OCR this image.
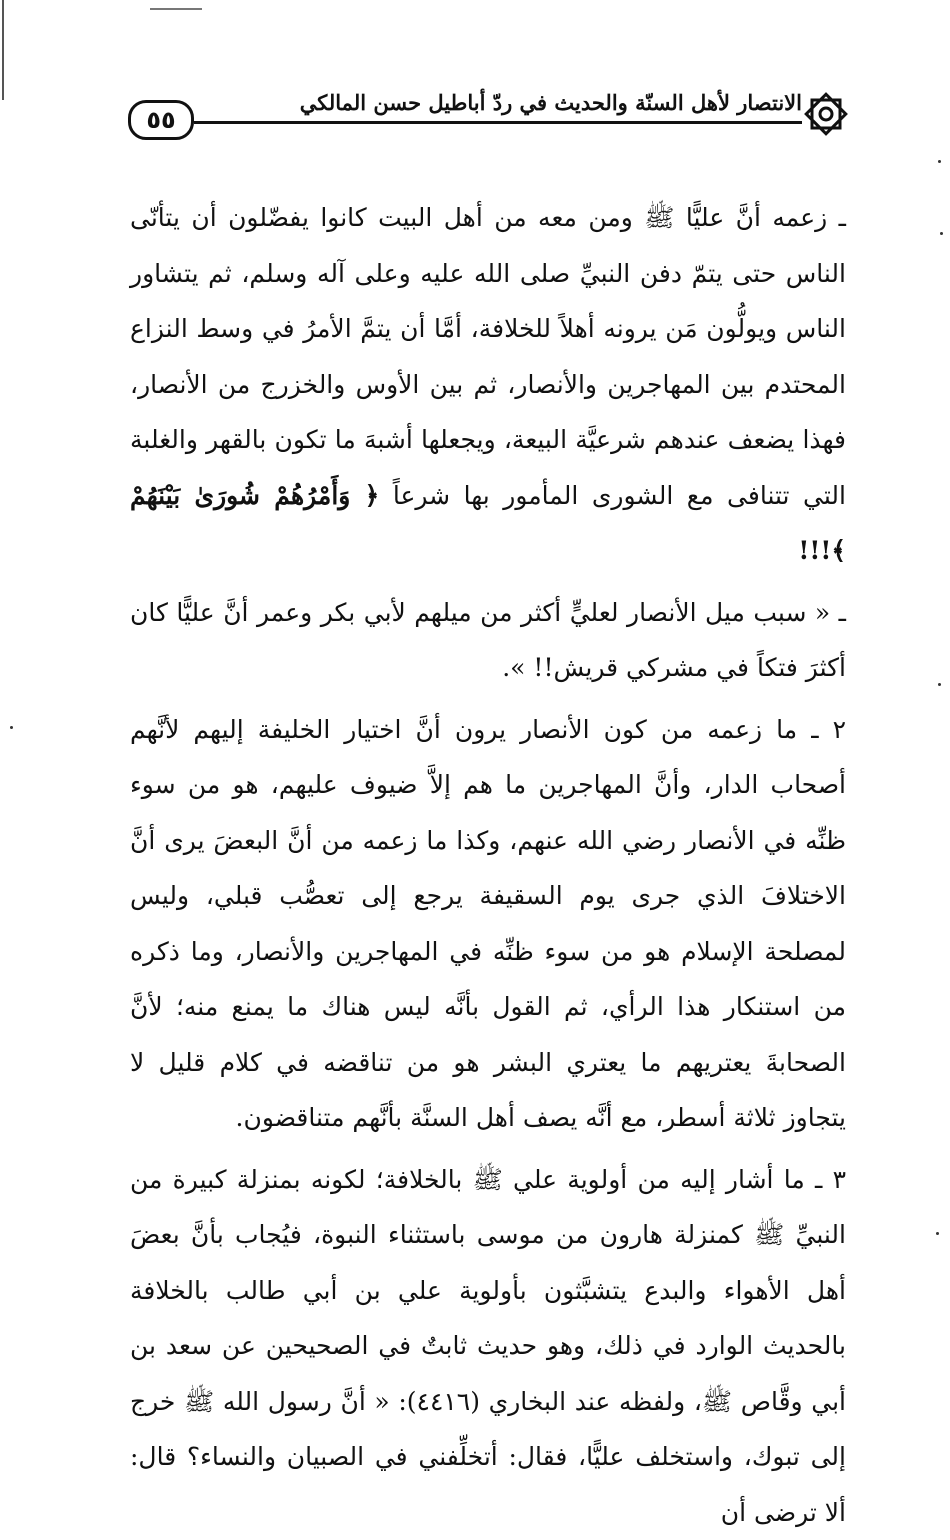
٥٥
الانتصار لأهل السنّة والحديث في ردّ أباطيل حسن المالكي

ـ زعمه أنَّ عليًّا ﷺ ومن معه من أهل البيت كانوا يفضّلون أن يتأنّى الناس حتى يتمّ دفن النبيِّ صلى الله عليه وعلى آله وسلم، ثم يتشاور الناس ويولُّون مَن يرونه أهلاً للخلافة، أمَّا أن يتمَّ الأمرُ في وسط النزاع المحتدم بين المهاجرين والأنصار، ثم بين الأوس والخزرج من الأنصار، فهذا يضعف عندهم شرعيَّة البيعة، ويجعلها أشبهَ ما تكون بالقهر والغلبة التي تتنافى مع الشورى المأمور بها شرعاً ﴿ وَأَمْرُهُمْ شُورَىٰ بَيْنَهُمْ ﴾!!!

ـ « سبب ميل الأنصار لعليٍّ أكثر من ميلهم لأبي بكر وعمر أنَّ عليًّا كان أكثرَ فتكاً في مشركي قريش!! ».

٢ ـ ما زعمه من كون الأنصار يرون أنَّ اختيار الخليفة إليهم لأنَّهم أصحاب الدار، وأنَّ المهاجرين ما هم إلاَّ ضيوف عليهم، هو من سوء ظنِّه في الأنصار رضي الله عنهم، وكذا ما زعمه من أنَّ البعضَ يرى أنَّ الاختلافَ الذي جرى يوم السقيفة يرجع إلى تعصُّب قبلي، وليس لمصلحة الإسلام هو من سوء ظنِّه في المهاجرين والأنصار، وما ذكره من استنكار هذا الرأي، ثم القول بأنَّه ليس هناك ما يمنع منه؛ لأنَّ الصحابةَ يعتريهم ما يعتري البشر هو من تناقضه في كلام قليل لا يتجاوز ثلاثة أسطر، مع أنَّه يصف أهل السنَّة بأنَّهم متناقضون.

٣ ـ ما أشار إليه من أولوية علي ﷺ بالخلافة؛ لكونه بمنزلة كبيرة من النبيِّ ﷺ كمنزلة هارون من موسى باستثناء النبوة، فيُجاب بأنَّ بعضَ أهل الأهواء والبدع يتشبَّثون بأولوية علي بن أبي طالب بالخلافة بالحديث الوارد في ذلك، وهو حديث ثابتٌ في الصحيحين عن سعد بن أبي وقَّاص ﷺ، ولفظه عند البخاري (٤٤١٦): « أنَّ رسول الله ﷺ خرج إلى تبوك، واستخلف عليًّا، فقال: أتخلِّفني في الصبيان والنساء؟ قال: ألا ترضى أن
